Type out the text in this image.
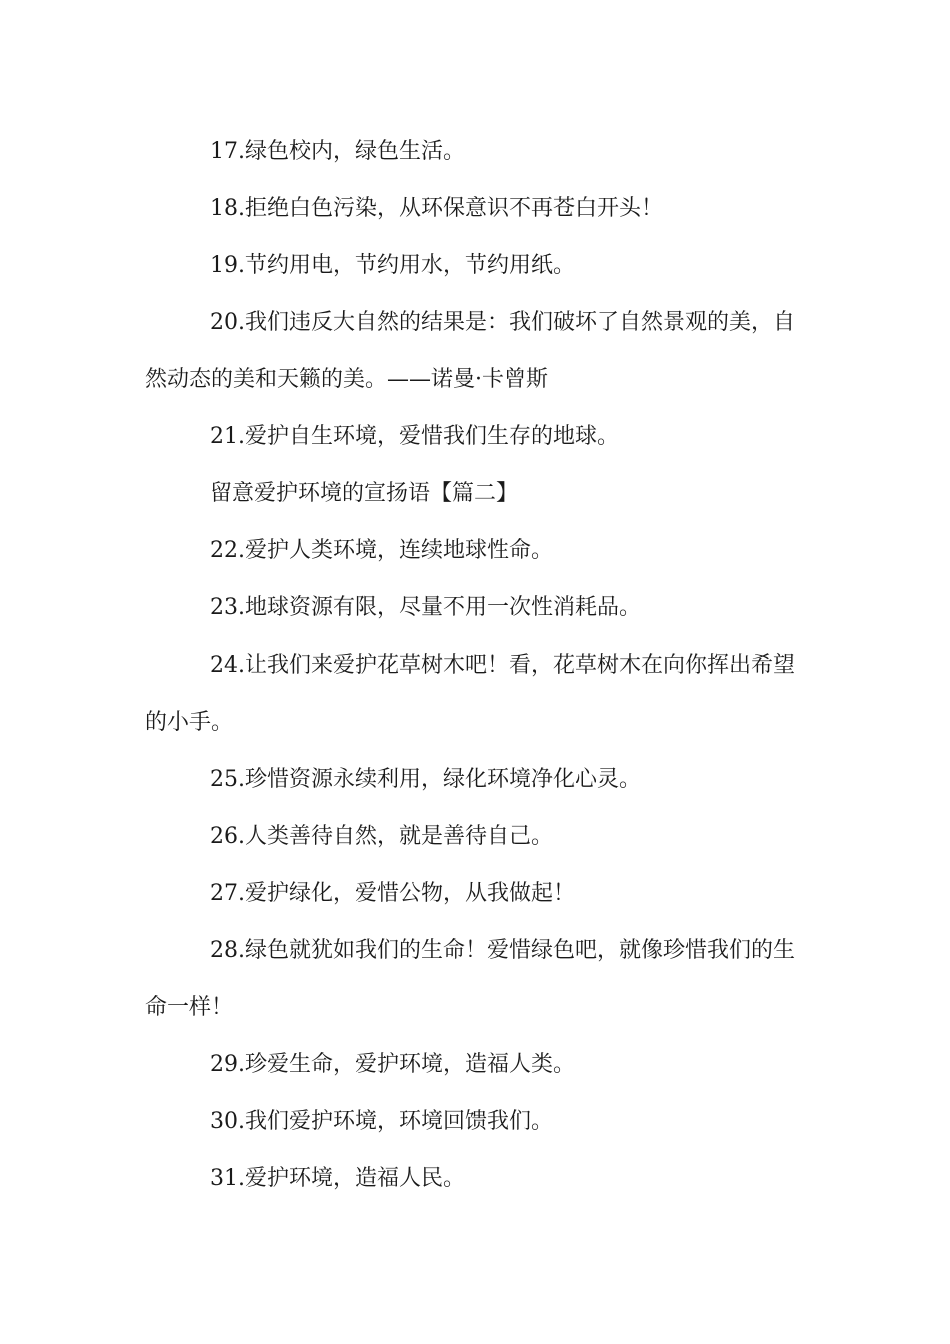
17.绿色校内，绿色生活。
18.拒绝白色污染，从环保意识不再苍白开头！
19.节约用电，节约用水，节约用纸。
20.我们违反大自然的结果是：我们破坏了自然景观的美，自
然动态的美和天籁的美。——诺曼·卡曾斯
21.爱护自生环境，爱惜我们生存的地球。
留意爱护环境的宣扬语【篇二】
22.爱护人类环境，连续地球性命。
23.地球资源有限，尽量不用一次性消耗品。
24.让我们来爱护花草树木吧！看，花草树木在向你挥出希望
的小手。
25.珍惜资源永续利用，绿化环境净化心灵。
26.人类善待自然，就是善待自己。
27.爱护绿化，爱惜公物，从我做起！
28.绿色就犹如我们的生命！爱惜绿色吧，就像珍惜我们的生
命一样！
29.珍爱生命，爱护环境，造福人类。
30.我们爱护环境，环境回馈我们。
31.爱护环境，造福人民。
